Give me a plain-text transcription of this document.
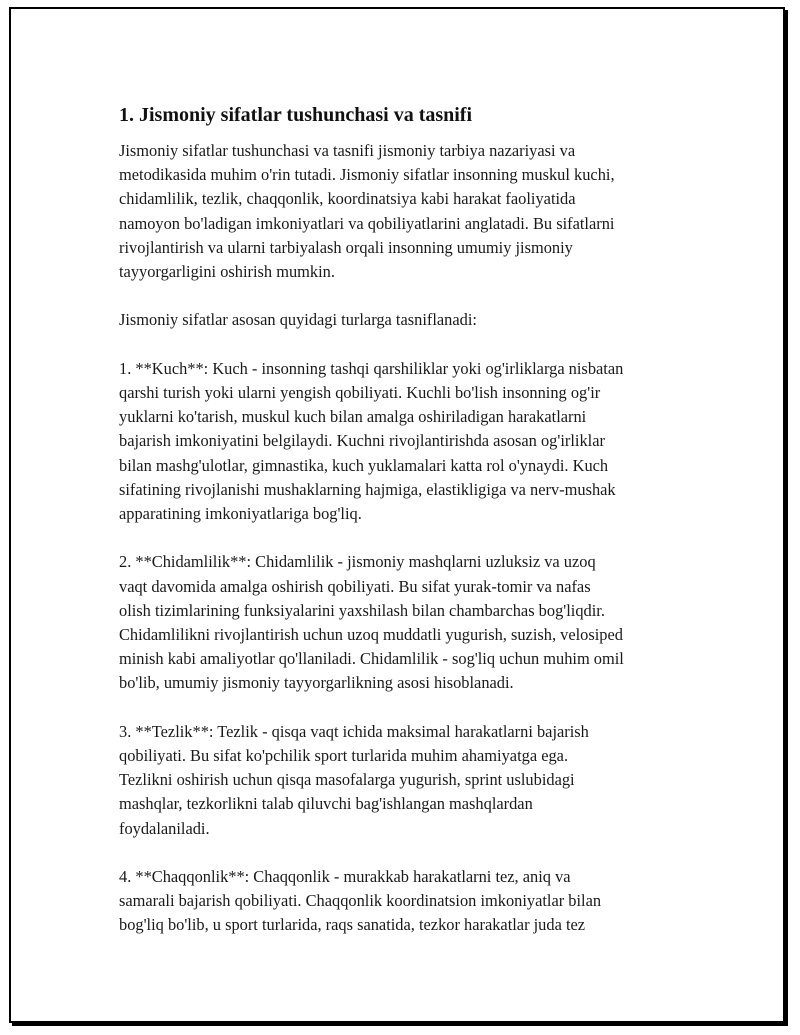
1. Jismoniy sifatlar tushunchasi va tasnifi

Jismoniy sifatlar tushunchasi va tasnifi jismoniy tarbiya nazariyasi va
metodikasida muhim o'rin tutadi. Jismoniy sifatlar insonning muskul kuchi,
chidamlilik, tezlik, chaqqonlik, koordinatsiya kabi harakat faoliyatida
namoyon bo'ladigan imkoniyatlari va qobiliyatlarini anglatadi. Bu sifatlarni
rivojlantirish va ularni tarbiyalash orqali insonning umumiy jismoniy
tayyorgarligini oshirish mumkin.

Jismoniy sifatlar asosan quyidagi turlarga tasniflanadi:

1. **Kuch**: Kuch - insonning tashqi qarshiliklar yoki og'irliklarga nisbatan
qarshi turish yoki ularni yengish qobiliyati. Kuchli bo'lish insonning og'ir
yuklarni ko'tarish, muskul kuch bilan amalga oshiriladigan harakatlarni
bajarish imkoniyatini belgilaydi. Kuchni rivojlantirishda asosan og'irliklar
bilan mashg'ulotlar, gimnastika, kuch yuklamalari katta rol o'ynaydi. Kuch
sifatining rivojlanishi mushaklarning hajmiga, elastikligiga va nerv-mushak
apparatining imkoniyatlariga bog'liq.

2. **Chidamlilik**: Chidamlilik - jismoniy mashqlarni uzluksiz va uzoq
vaqt davomida amalga oshirish qobiliyati. Bu sifat yurak-tomir va nafas
olish tizimlarining funksiyalarini yaxshilash bilan chambarchas bog'liqdir.
Chidamlilikni rivojlantirish uchun uzoq muddatli yugurish, suzish, velosiped
minish kabi amaliyotlar qo'llaniladi. Chidamlilik - sog'liq uchun muhim omil
bo'lib, umumiy jismoniy tayyorgarlikning asosi hisoblanadi.

3. **Tezlik**: Tezlik - qisqa vaqt ichida maksimal harakatlarni bajarish
qobiliyati. Bu sifat ko'pchilik sport turlarida muhim ahamiyatga ega.
Tezlikni oshirish uchun qisqa masofalarga yugurish, sprint uslubidagi
mashqlar, tezkorlikni talab qiluvchi bag'ishlangan mashqlardan
foydalaniladi.

4. **Chaqqonlik**: Chaqqonlik - murakkab harakatlarni tez, aniq va
samarali bajarish qobiliyati. Chaqqonlik koordinatsion imkoniyatlar bilan
bog'liq bo'lib, u sport turlarida, raqs sanatida, tezkor harakatlar juda tez
